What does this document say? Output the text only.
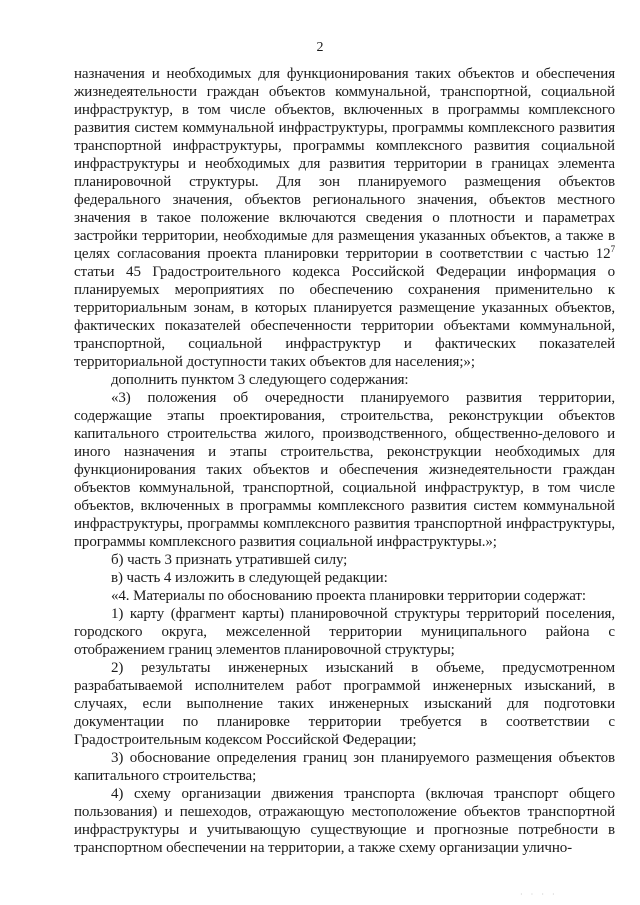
2

назначения и необходимых для функционирования таких объектов и обеспечения жизнедеятельности граждан объектов коммунальной, транспортной, социальной инфраструктур, в том числе объектов, включенных в программы комплексного развития систем коммунальной инфраструктуры, программы комплексного развития транспортной инфраструктуры, программы комплексного развития социальной инфраструктуры и необходимых для развития территории в границах элемента планировочной структуры. Для зон планируемого размещения объектов федерального значения, объектов регионального значения, объектов местного значения в такое положение включаются сведения о плотности и параметрах застройки территории, необходимые для размещения указанных объектов, а также в целях согласования проекта планировки территории в соответствии с частью $12^7$ статьи 45 Градостроительного кодекса Российской Федерации информация о планируемых мероприятиях по обеспечению сохранения применительно к территориальным зонам, в которых планируется размещение указанных объектов, фактических показателей обеспеченности территории объектами коммунальной, транспортной, социальной инфраструктур и фактических показателей территориальной доступности таких объектов для населения;»;

дополнить пунктом 3 следующего содержания:

«3) положения об очередности планируемого развития территории, содержащие этапы проектирования, строительства, реконструкции объектов капитального строительства жилого, производственного, общественно-делового и иного назначения и этапы строительства, реконструкции необходимых для функционирования таких объектов и обеспечения жизнедеятельности граждан объектов коммунальной, транспортной, социальной инфраструктур, в том числе объектов, включенных в программы комплексного развития систем коммунальной инфраструктуры, программы комплексного развития транспортной инфраструктуры, программы комплексного развития социальной инфраструктуры.»;

б) часть 3 признать утратившей силу;

в) часть 4 изложить в следующей редакции:

«4. Материалы по обоснованию проекта планировки территории содержат:

1) карту (фрагмент карты) планировочной структуры территорий поселения, городского округа, межселенной территории муниципального района с отображением границ элементов планировочной структуры;

2) результаты инженерных изысканий в объеме, предусмотренном разрабатываемой исполнителем работ программой инженерных изысканий, в случаях, если выполнение таких инженерных изысканий для подготовки документации по планировке территории требуется в соответствии с Градостроительным кодексом Российской Федерации;

3) обоснование определения границ зон планируемого размещения объектов капитального строительства;

4) схему организации движения транспорта (включая транспорт общего пользования) и пешеходов, отражающую местоположение объектов транспортной инфраструктуры и учитывающую существующие и прогнозные потребности в транспортном обеспечении на территории, а также схему организации улично-

· · · ·
